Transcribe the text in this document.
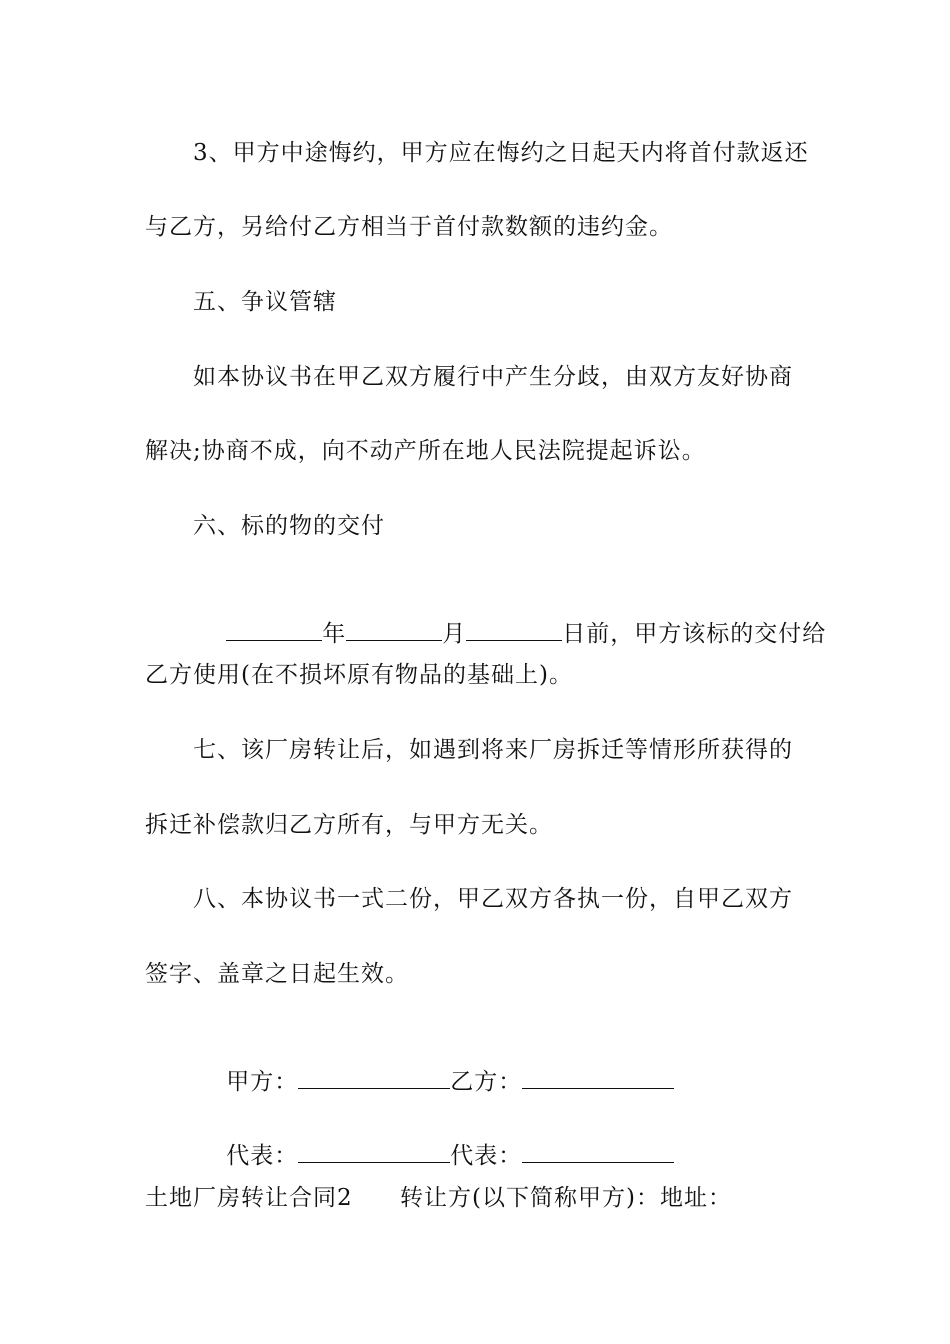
3、甲方中途悔约，甲方应在悔约之日起天内将首付款返还
与乙方，另给付乙方相当于首付款数额的违约金。
五、争议管辖
如本协议书在甲乙双方履行中产生分歧，由双方友好协商
解决;协商不成，向不动产所在地人民法院提起诉讼。
六、标的物的交付

年	月	日前，甲方该标的交付给

乙方使用(在不损坏原有物品的基础上)。
七、该厂房转让后，如遇到将来厂房拆迁等情形所获得的
拆迁补偿款归乙方所有，与甲方无关。
八、本协议书一式二份，甲乙双方各执一份，自甲乙双方
签字、盖章之日起生效。

甲方：	乙方：

代表：	代表：

土地厂房转让合同2 转让方(以下简称甲方)：地址：
